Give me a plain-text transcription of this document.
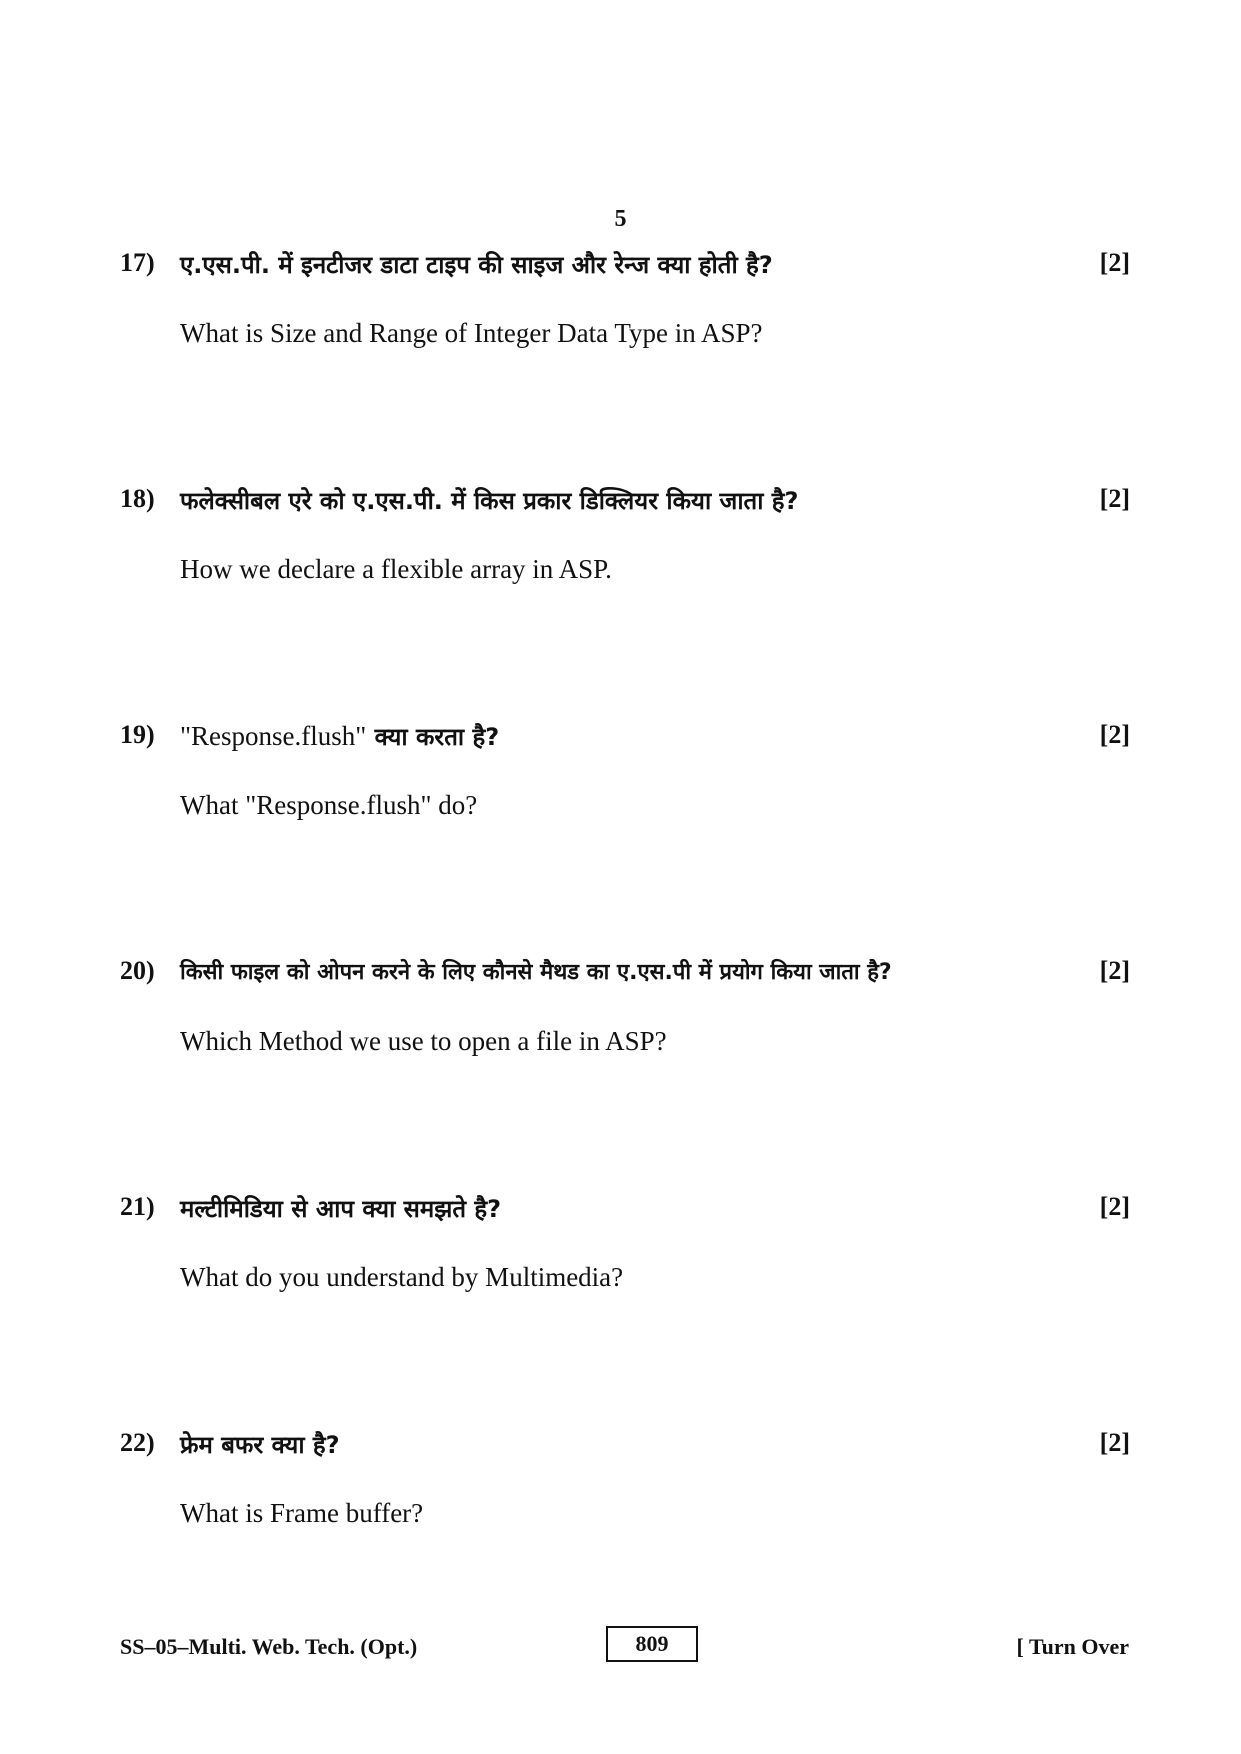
5
17) ए.एस.पी. में इनटीजर डाटा टाइप की साइज और रेन्ज क्या होती है?	[2]
What is Size and Range of Integer Data Type in ASP?
18) फलेक्सीबल एरे को ए.एस.पी. में किस प्रकार डिक्लियर किया जाता है?	[2]
How we declare a flexible array in ASP.
19) "Response.flush" क्या करता है?	[2]
What "Response.flush" do?
20) किसी फाइल को ओपन करने के लिए कौनसे मैथड का ए.एस.पी में प्रयोग किया जाता है?	[2]
Which Method we use to open a file in ASP?
21) मल्टीमिडिया से आप क्या समझते है?	[2]
What do you understand by Multimedia?
22) फ्रेम बफर क्या है?	[2]
What is Frame buffer?
SS–05–Multi. Web. Tech. (Opt.)	809	[ Turn Over
